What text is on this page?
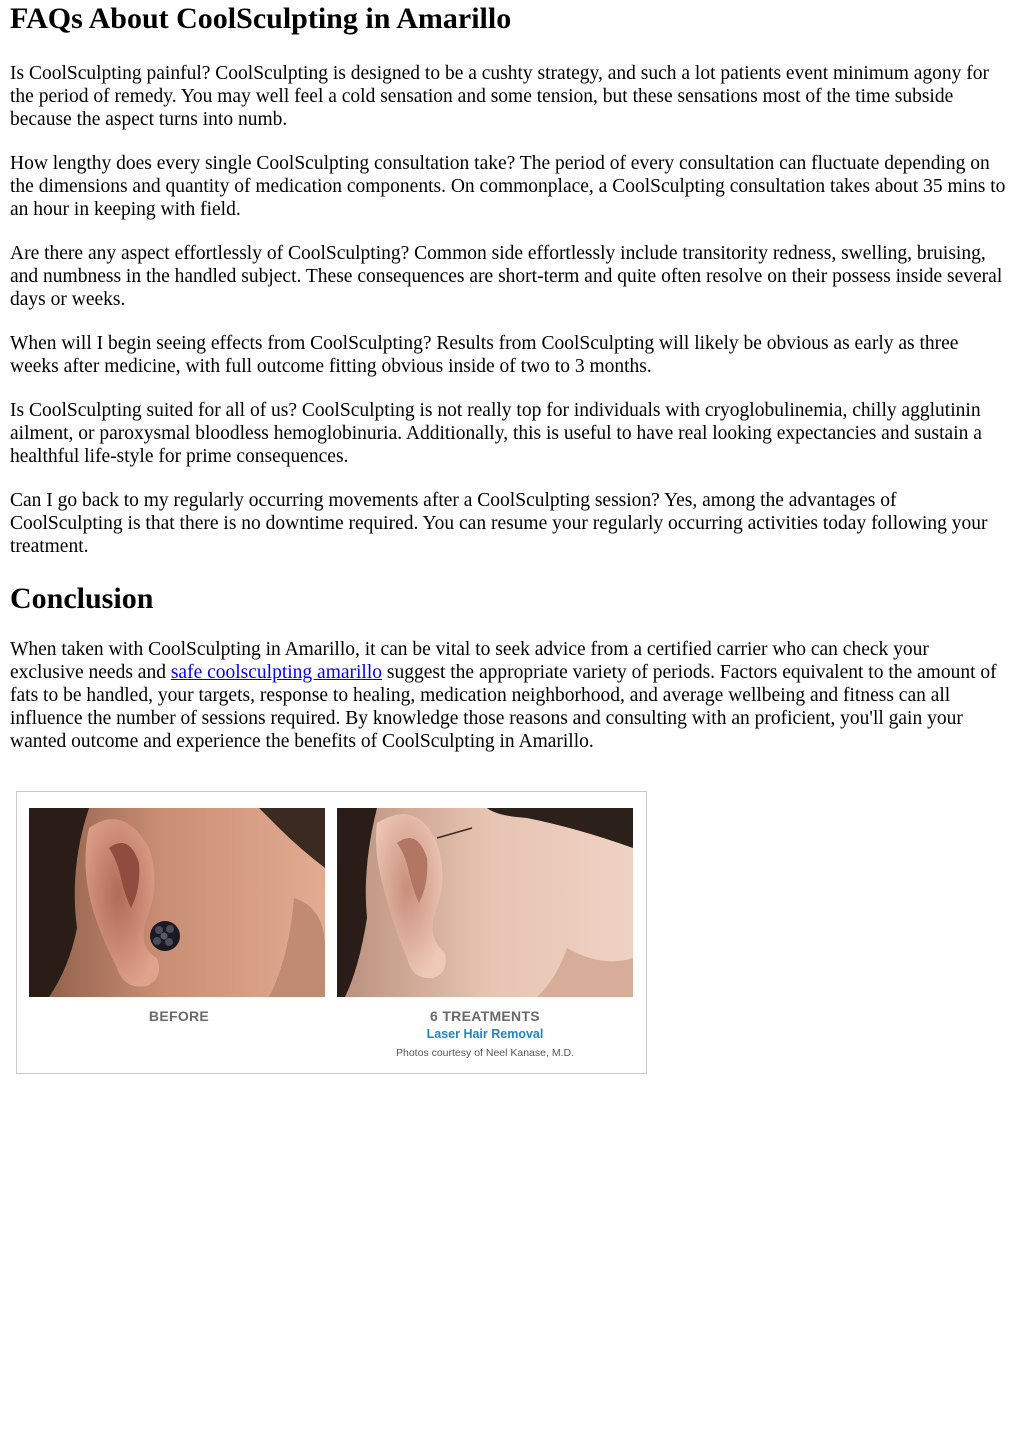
FAQs About CoolSculpting in Amarillo

Is CoolSculpting painful? CoolSculpting is designed to be a cushty strategy, and such a lot patients event minimum agony for the period of remedy. You may well feel a cold sensation and some tension, but these sensations most of the time subside because the aspect turns into numb.

How lengthy does every single CoolSculpting consultation take? The period of every consultation can fluctuate depending on the dimensions and quantity of medication components. On commonplace, a CoolSculpting consultation takes about 35 mins to an hour in keeping with field.

Are there any aspect effortlessly of CoolSculpting? Common side effortlessly include transitority redness, swelling, bruising, and numbness in the handled subject. These consequences are short-term and quite often resolve on their possess inside several days or weeks.

When will I begin seeing effects from CoolSculpting? Results from CoolSculpting will likely be obvious as early as three weeks after medicine, with full outcome fitting obvious inside of two to 3 months.

Is CoolSculpting suited for all of us? CoolSculpting is not really top for individuals with cryoglobulinemia, chilly agglutinin ailment, or paroxysmal bloodless hemoglobinuria. Additionally, this is useful to have real looking expectancies and sustain a healthful life-style for prime consequences.

Can I go back to my regularly occurring movements after a CoolSculpting session? Yes, among the advantages of CoolSculpting is that there is no downtime required. You can resume your regularly occurring activities today following your treatment.

Conclusion

When taken with CoolSculpting in Amarillo, it can be vital to seek advice from a certified carrier who can check your exclusive needs and safe coolsculpting amarillo suggest the appropriate variety of periods. Factors equivalent to the amount of fats to be handled, your targets, response to healing, medication neighborhood, and average wellbeing and fitness can all influence the number of sessions required. By knowledge those reasons and consulting with an proficient, you'll gain your wanted outcome and experience the benefits of CoolSculpting in Amarillo.

BEFORE	6 TREATMENTS
Laser Hair Removal
Photos courtesy of Neel Kanase, M.D.
